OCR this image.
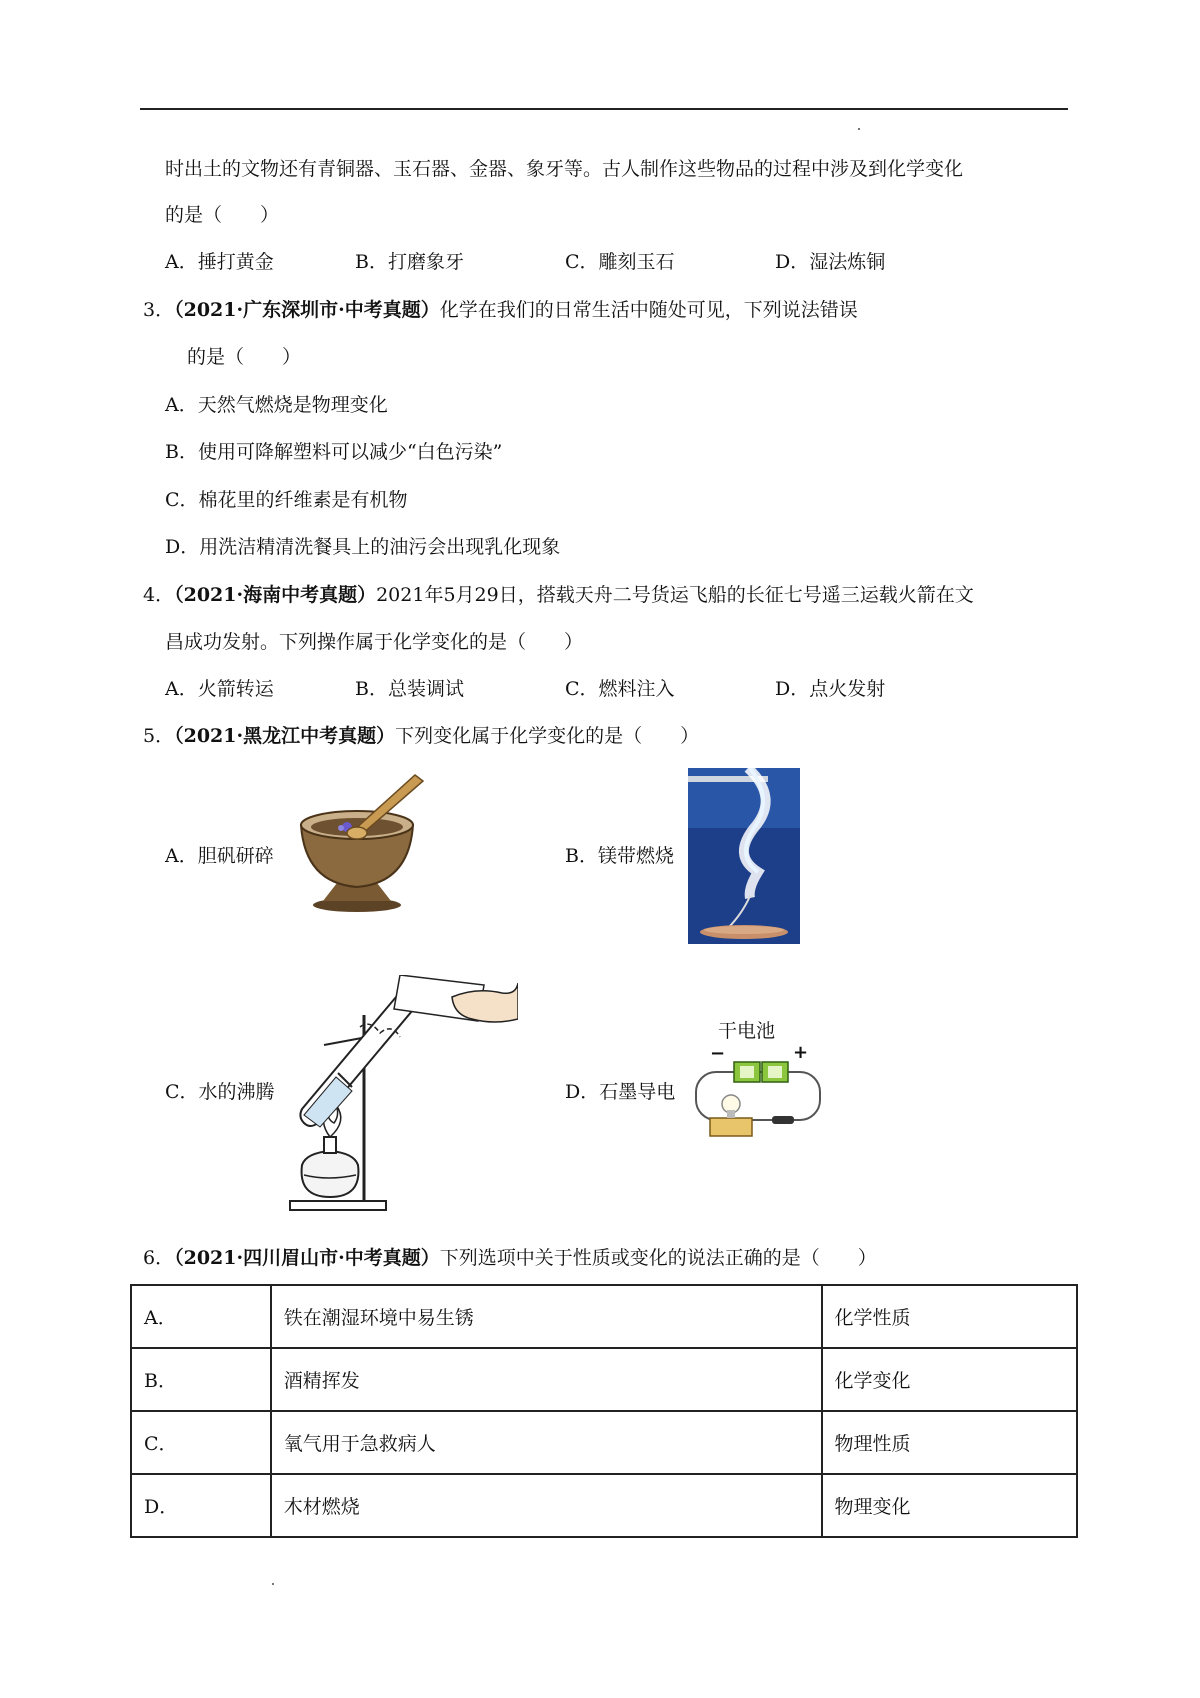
时出土的文物还有青铜器、玉石器、金器、象牙等。古人制作这些物品的过程中涉及到化学变化
的是（　　）
A．捶打黄金	B．打磨象牙	C．雕刻玉石	D．湿法炼铜
3．（2021·广东深圳市·中考真题）化学在我们的日常生活中随处可见，下列说法错误
的是（　　）
A．天然气燃烧是物理变化
B．使用可降解塑料可以减少“白色污染”
C．棉花里的纤维素是有机物
D．用洗洁精清洗餐具上的油污会出现乳化现象
4．（2021·海南中考真题）2021年5月29日，搭载天舟二号货运飞船的长征七号遥三运载火箭在文
昌成功发射。下列操作属于化学变化的是（　　）
A．火箭转运	B．总装调试	C．燃料注入	D．点火发射
5．（2021·黑龙江中考真题）下列变化属于化学变化的是（　　）
A．胆矾研碎	B．镁带燃烧
C．水的沸腾	D．石墨导电
干电池
−	+
6．（2021·四川眉山市·中考真题）下列选项中关于性质或变化的说法正确的是（　　）
A．	铁在潮湿环境中易生锈	化学性质
B．	酒精挥发	化学变化
C．	氧气用于急救病人	物理性质
D．	木材燃烧	物理变化
